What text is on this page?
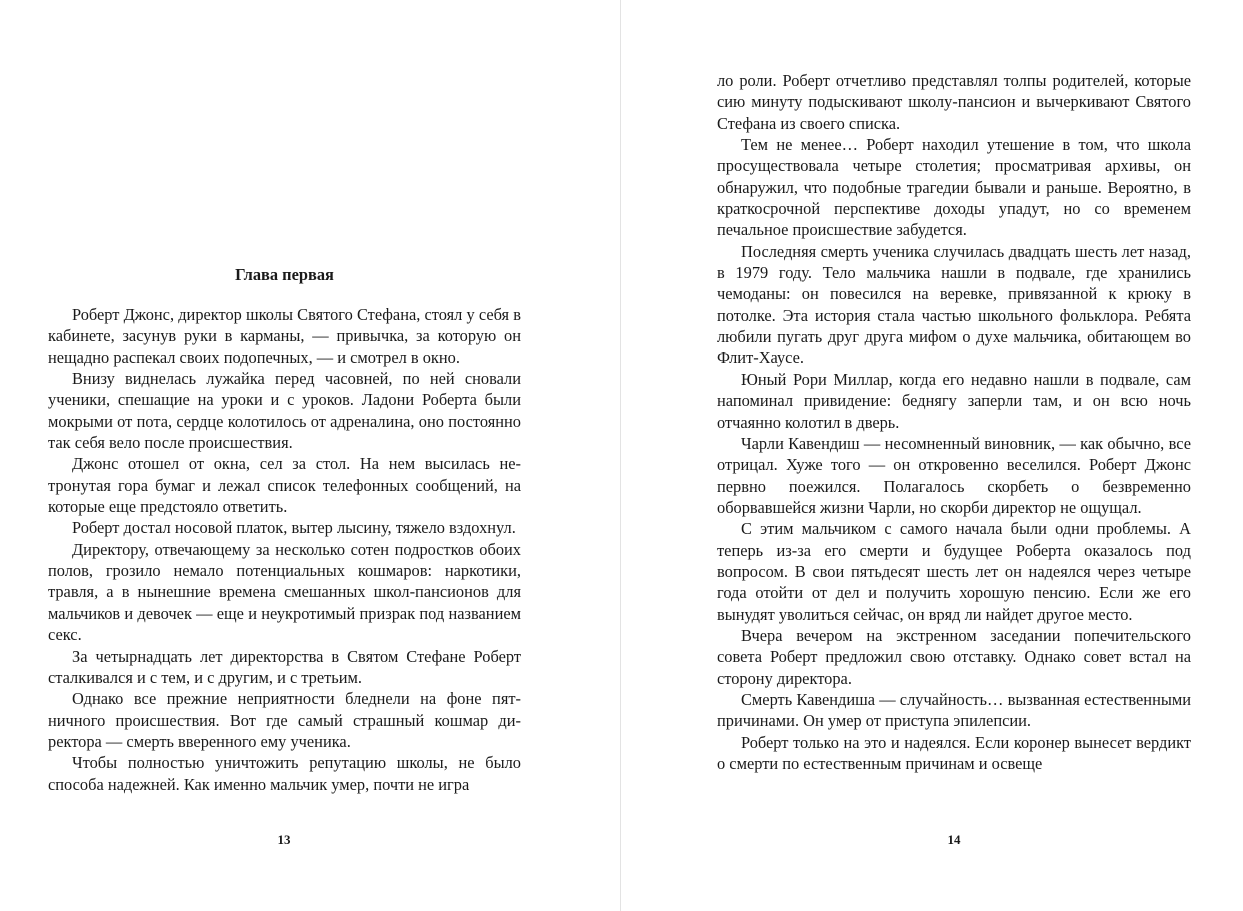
Глава первая

Роберт Джонс, директор школы Святого Стефана, стоял у себя в кабинете, засунув руки в карманы, — привычка, за которую он нещадно распекал своих подопечных, — и смотрел в окно.

Внизу виднелась лужайка перед часовней, по ней сновали ученики, спешащие на уроки и с уроков. Ладони Роберта были мокрыми от пота, сердце колотилось от адреналина, оно постоянно так себя вело после происшествия.

Джонс отошел от окна, сел за стол. На нем высилась нетронутая гора бумаг и лежал список телефонных сообщений, на которые еще предстояло ответить.

Роберт достал носовой платок, вытер лысину, тяжело вздохнул.

Директору, отвечающему за несколько сотен подростков обоих полов, грозило немало потенциальных кошмаров: наркотики, травля, а в нынешние времена смешанных школ-пансионов для мальчиков и девочек — еще и неукротимый призрак под названием секс.

За четырнадцать лет директорства в Святом Стефане Роберт сталкивался и с тем, и с другим, и с третьим.

Однако все прежние неприятности бледнели на фоне пятничного происшествия. Вот где самый страшный кошмар директора — смерть вверенного ему ученика.

Чтобы полностью уничтожить репутацию школы, не было способа надежней. Как именно мальчик умер, почти не игра

13

ло роли. Роберт отчетливо представлял толпы родителей, которые сию минуту подыскивают школу-пансион и вычеркивают Святого Стефана из своего списка.

Тем не менее… Роберт находил утешение в том, что школа просуществовала четыре столетия; просматривая архивы, он обнаружил, что подобные трагедии бывали и раньше. Вероятно, в краткосрочной перспективе доходы упадут, но со временем печальное происшествие забудется.

Последняя смерть ученика случилась двадцать шесть лет назад, в 1979 году. Тело мальчика нашли в подвале, где хранились чемоданы: он повесился на веревке, привязанной к крюку в потолке. Эта история стала частью школьного фольклора. Ребята любили пугать друг друга мифом о духе мальчика, обитающем во Флит-Хаусе.

Юный Рори Миллар, когда его недавно нашли в подвале, сам напоминал привидение: беднягу заперли там, и он всю ночь отчаянно колотил в дверь.

Чарли Кавендиш — несомненный виновник, — как обычно, все отрицал. Хуже того — он откровенно веселился. Роберт Джонс первно поежился. Полагалось скорбеть о безвременно оборвавшейся жизни Чарли, но скорби директор не ощущал.

С этим мальчиком с самого начала были одни проблемы. А теперь из-за его смерти и будущее Роберта оказалось под вопросом. В свои пятьдесят шесть лет он надеялся через четыре года отойти от дел и получить хорошую пенсию. Если же его вынудят уволиться сейчас, он вряд ли найдет другое место.

Вчера вечером на экстренном заседании попечительского совета Роберт предложил свою отставку. Однако совет встал на сторону директора.

Смерть Кавендиша — случайность… вызванная естественными причинами. Он умер от приступа эпилепсии.

Роберт только на это и надеялся. Если коронер вынесет вердикт о смерти по естественным причинам и освеще

14
